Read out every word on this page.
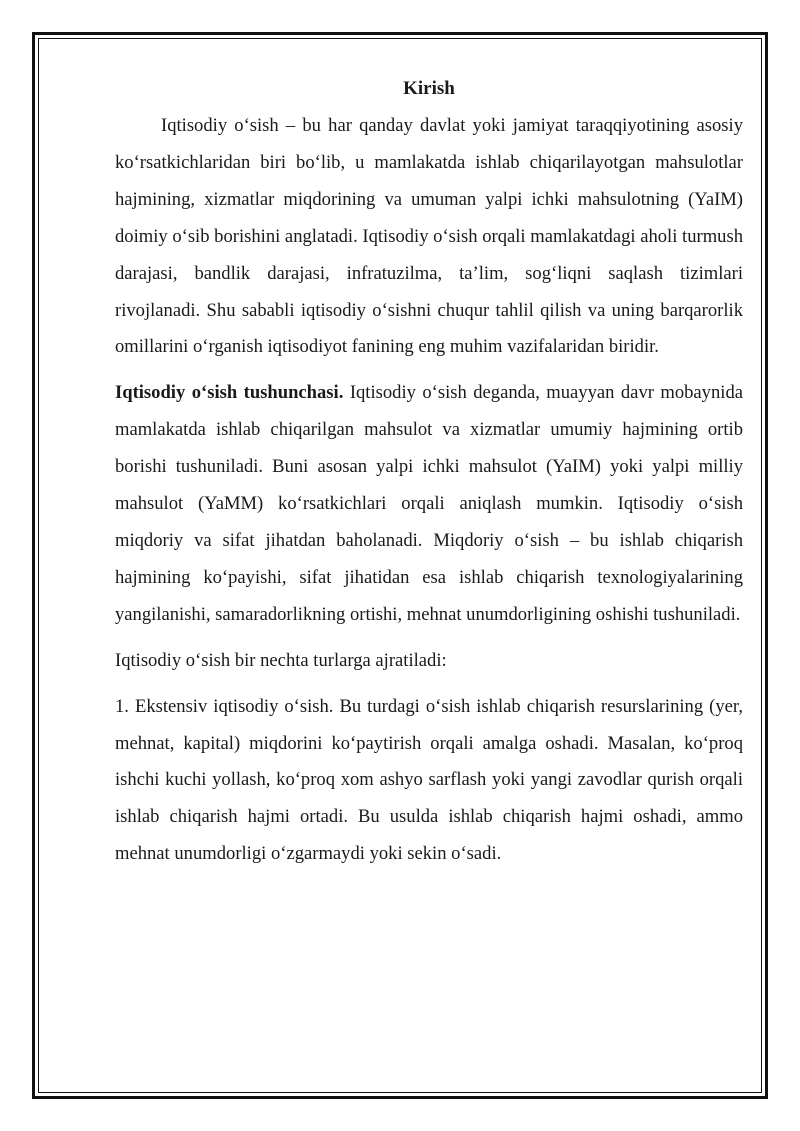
Kirish

Iqtisodiy o‘sish – bu har qanday davlat yoki jamiyat taraqqiyotining asosiy ko‘rsatkichlaridan biri bo‘lib, u mamlakatda ishlab chiqarilayotgan mahsulotlar hajmining, xizmatlar miqdorining va umuman yalpi ichki mahsulotning (YaIM) doimiy o‘sib borishini anglatadi. Iqtisodiy o‘sish orqali mamlakatdagi aholi turmush darajasi, bandlik darajasi, infratuzilma, ta’lim, sog‘liqni saqlash tizimlari rivojlanadi. Shu sababli iqtisodiy o‘sishni chuqur tahlil qilish va uning barqarorlik omillarini o‘rganish iqtisodiyot fanining eng muhim vazifalaridan biridir.

Iqtisodiy o‘sish tushunchasi. Iqtisodiy o‘sish deganda, muayyan davr mobaynida mamlakatda ishlab chiqarilgan mahsulot va xizmatlar umumiy hajmining ortib borishi tushuniladi. Buni asosan yalpi ichki mahsulot (YaIM) yoki yalpi milliy mahsulot (YaMM) ko‘rsatkichlari orqali aniqlash mumkin. Iqtisodiy o‘sish miqdoriy va sifat jihatdan baholanadi. Miqdoriy o‘sish – bu ishlab chiqarish hajmining ko‘payishi, sifat jihatidan esa ishlab chiqarish texnologiyalarining yangilanishi, samaradorlikning ortishi, mehnat unumdorligining oshishi tushuniladi.

Iqtisodiy o‘sish bir nechta turlarga ajratiladi:

1. Ekstensiv iqtisodiy o‘sish. Bu turdagi o‘sish ishlab chiqarish resurslarining (yer, mehnat, kapital) miqdorini ko‘paytirish orqali amalga oshadi. Masalan, ko‘proq ishchi kuchi yollash, ko‘proq xom ashyo sarflash yoki yangi zavodlar qurish orqali ishlab chiqarish hajmi ortadi. Bu usulda ishlab chiqarish hajmi oshadi, ammo mehnat unumdorligi o‘zgarmaydi yoki sekin o‘sadi.
